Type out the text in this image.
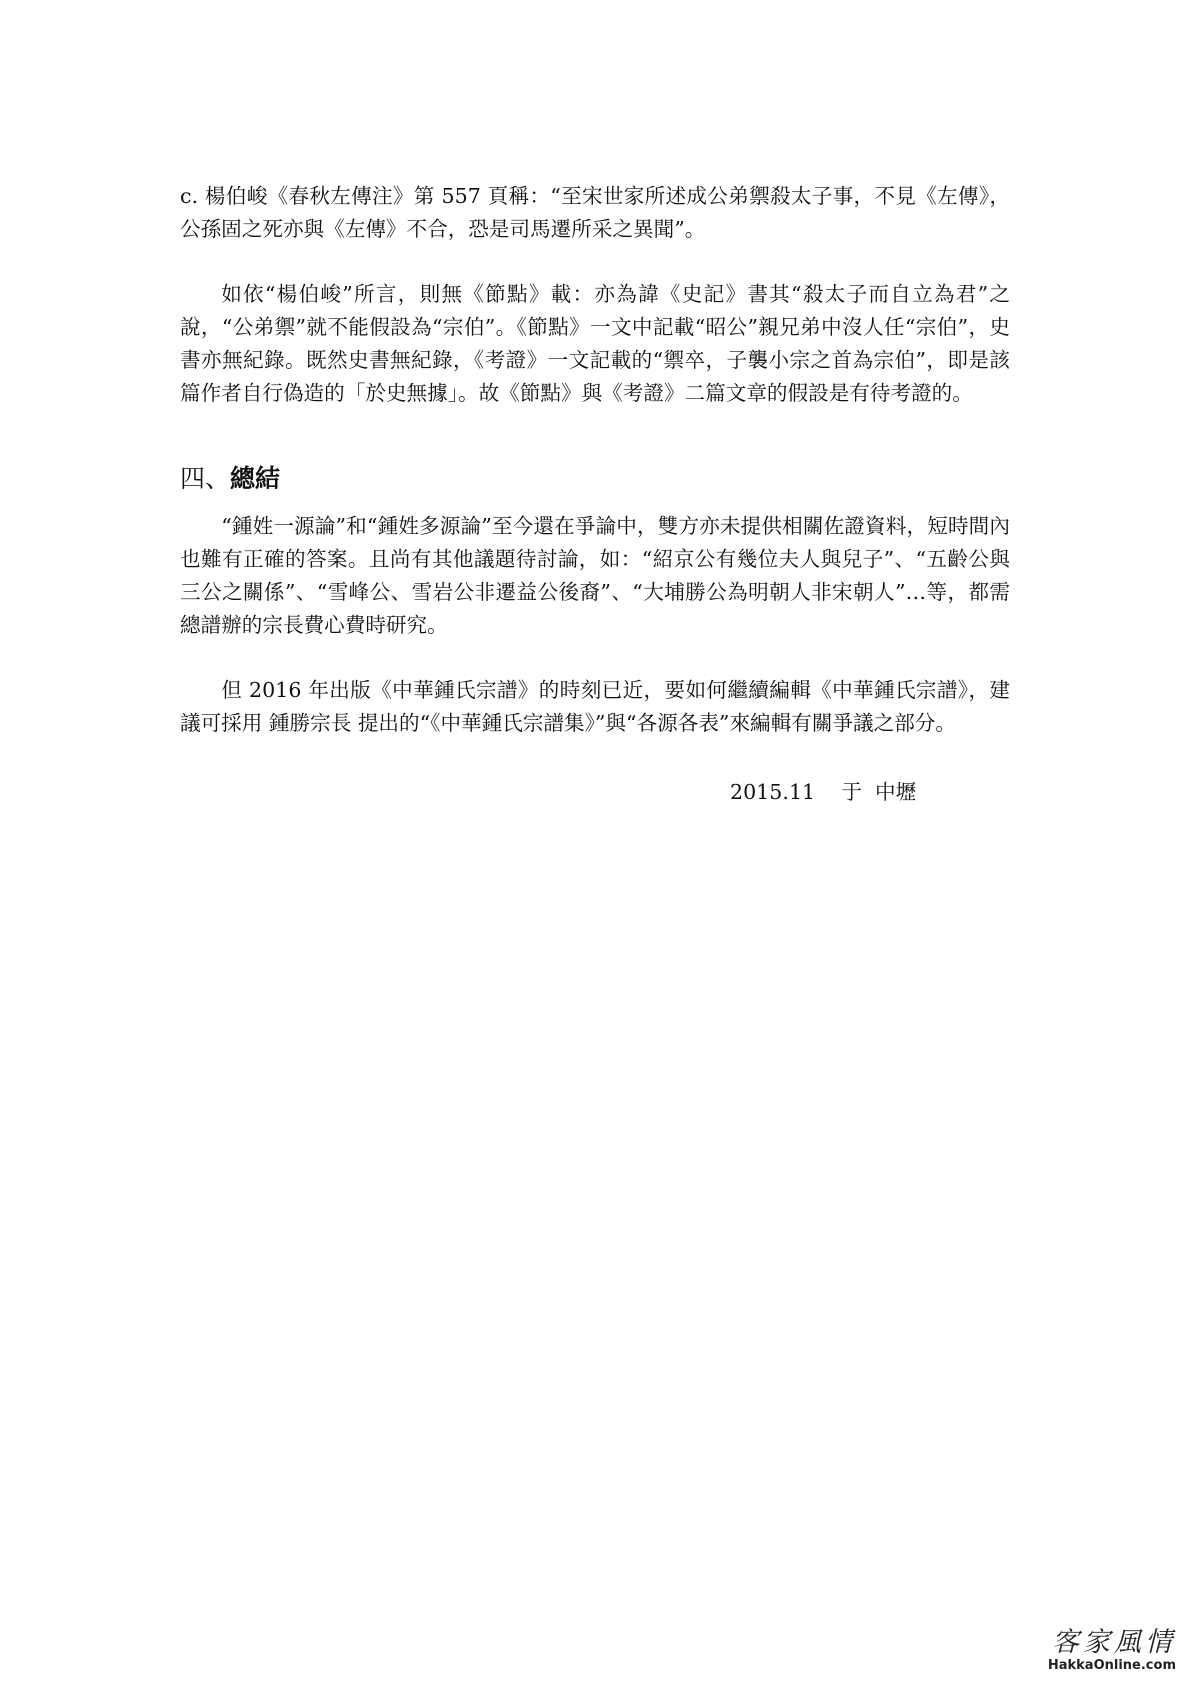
c. 楊伯峻《春秋左傳注》第 557 頁稱：“至宋世家所述成公弟禦殺太子事，不見《左傳》，公孫固之死亦與《左傳》不合，恐是司馬遷所采之異聞”。

如依“楊伯峻”所言，則無《節點》載：亦為諱《史記》書其“殺太子而自立為君”之說，“公弟禦”就不能假設為“宗伯”。《節點》一文中記載“昭公”親兄弟中沒人任“宗伯”，史書亦無紀錄。既然史書無紀錄，《考證》一文記載的“禦卒，子襲小宗之首為宗伯”，即是該篇作者自行偽造的「於史無據」。故《節點》與《考證》二篇文章的假設是有待考證的。

四、總結

“鍾姓一源論”和“鍾姓多源論”至今還在爭論中，雙方亦未提供相關佐證資料，短時間內也難有正確的答案。且尚有其他議題待討論，如：“紹京公有幾位夫人與兒子”、“五齡公與三公之關係”、“雪峰公、雪岩公非遷益公後裔”、“大埔勝公為明朝人非宋朝人”…等，都需總譜辦的宗長費心費時研究。

但 2016 年出版《中華鍾氏宗譜》的時刻已近，要如何繼續編輯《中華鍾氏宗譜》，建議可採用 鍾勝宗長 提出的“《中華鍾氏宗譜集》”與“各源各表”來編輯有關爭議之部分。

2015.11    于  中壢
客家風情
HakkaOnline.com
